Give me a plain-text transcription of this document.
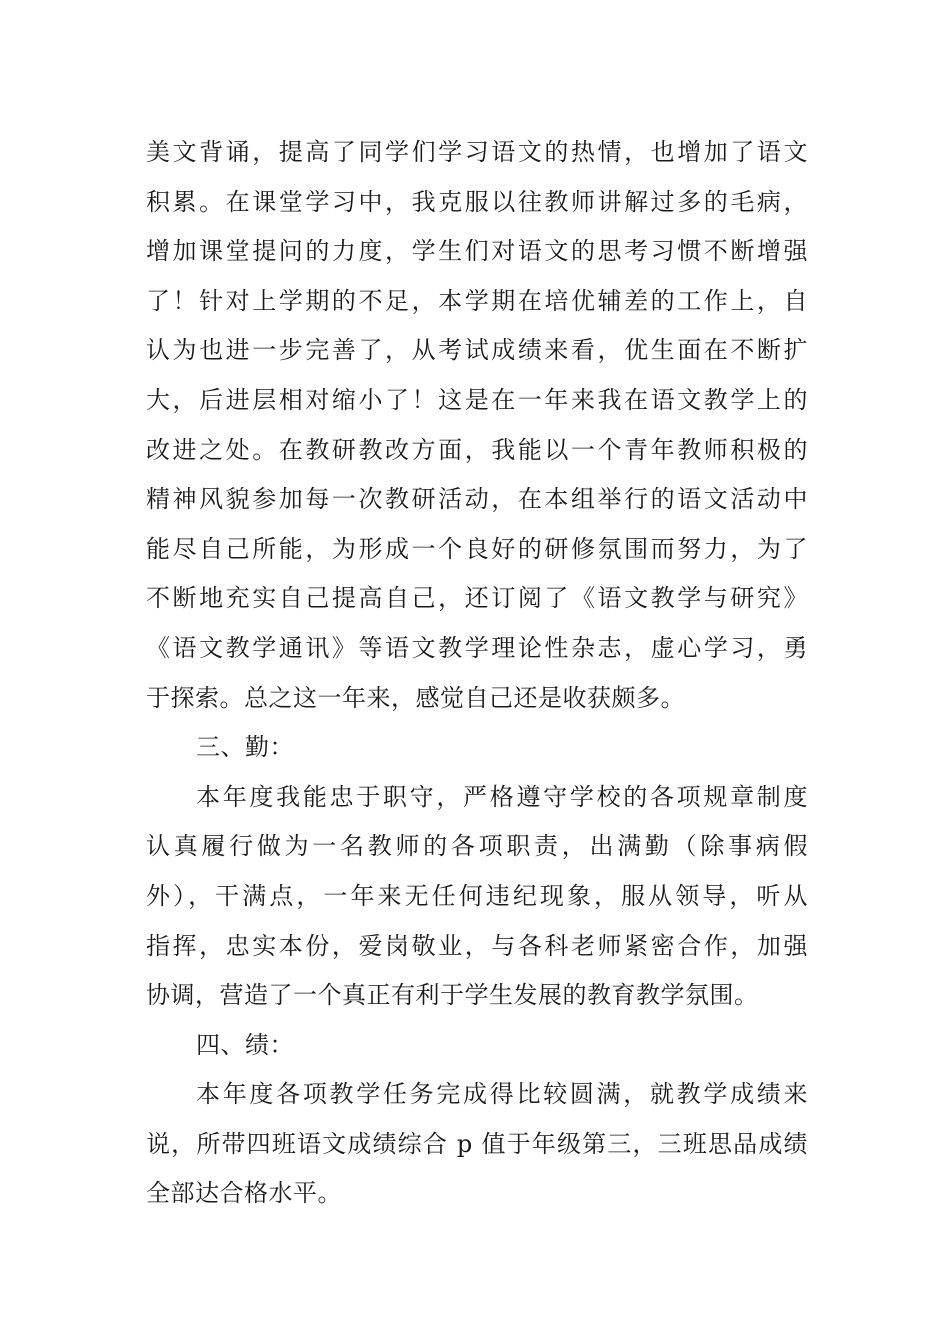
美文背诵，提高了同学们学习语文的热情，也增加了语文
积累。在课堂学习中，我克服以往教师讲解过多的毛病，
增加课堂提问的力度，学生们对语文的思考习惯不断增强
了！针对上学期的不足，本学期在培优辅差的工作上，自
认为也进一步完善了，从考试成绩来看，优生面在不断扩
大，后进层相对缩小了！这是在一年来我在语文教学上的
改进之处。在教研教改方面，我能以一个青年教师积极的
精神风貌参加每一次教研活动，在本组举行的语文活动中
能尽自己所能，为形成一个良好的研修氛围而努力，为了
不断地充实自己提高自己，还订阅了《语文教学与研究》
《语文教学通讯》等语文教学理论性杂志，虚心学习，勇
于探索。总之这一年来，感觉自己还是收获颇多。
三、勤：
本年度我能忠于职守，严格遵守学校的各项规章制度
认真履行做为一名教师的各项职责，出满勤（除事病假
外），干满点，一年来无任何违纪现象，服从领导，听从
指挥，忠实本份，爱岗敬业，与各科老师紧密合作，加强
协调，营造了一个真正有利于学生发展的教育教学氛围。
四、绩：
本年度各项教学任务完成得比较圆满，就教学成绩来
说，所带四班语文成绩综合 p 值于年级第三，三班思品成绩
全部达合格水平。
